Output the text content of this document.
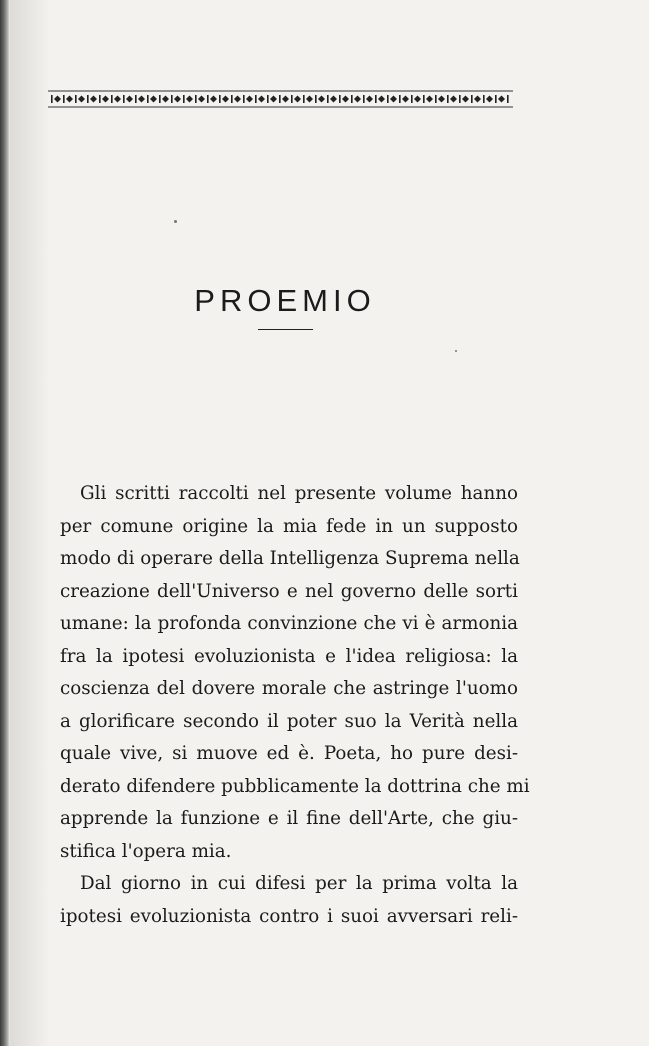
PROEMIO

Gli scritti raccolti nel presente volume hanno
per comune origine la mia fede in un supposto
modo di operare della Intelligenza Suprema nella
creazione dell'Universo e nel governo delle sorti
umane: la profonda convinzione che vi è armonia
fra la ipotesi evoluzionista e l'idea religiosa: la
coscienza del dovere morale che astringe l'uomo
a glorificare secondo il poter suo la Verità nella
quale vive, si muove ed è. Poeta, ho pure desi-
derato difendere pubblicamente la dottrina che mi
apprende la funzione e il fine dell'Arte, che giu-
stifica l'opera mia.

Dal giorno in cui difesi per la prima volta la
ipotesi evoluzionista contro i suoi avversari reli-
